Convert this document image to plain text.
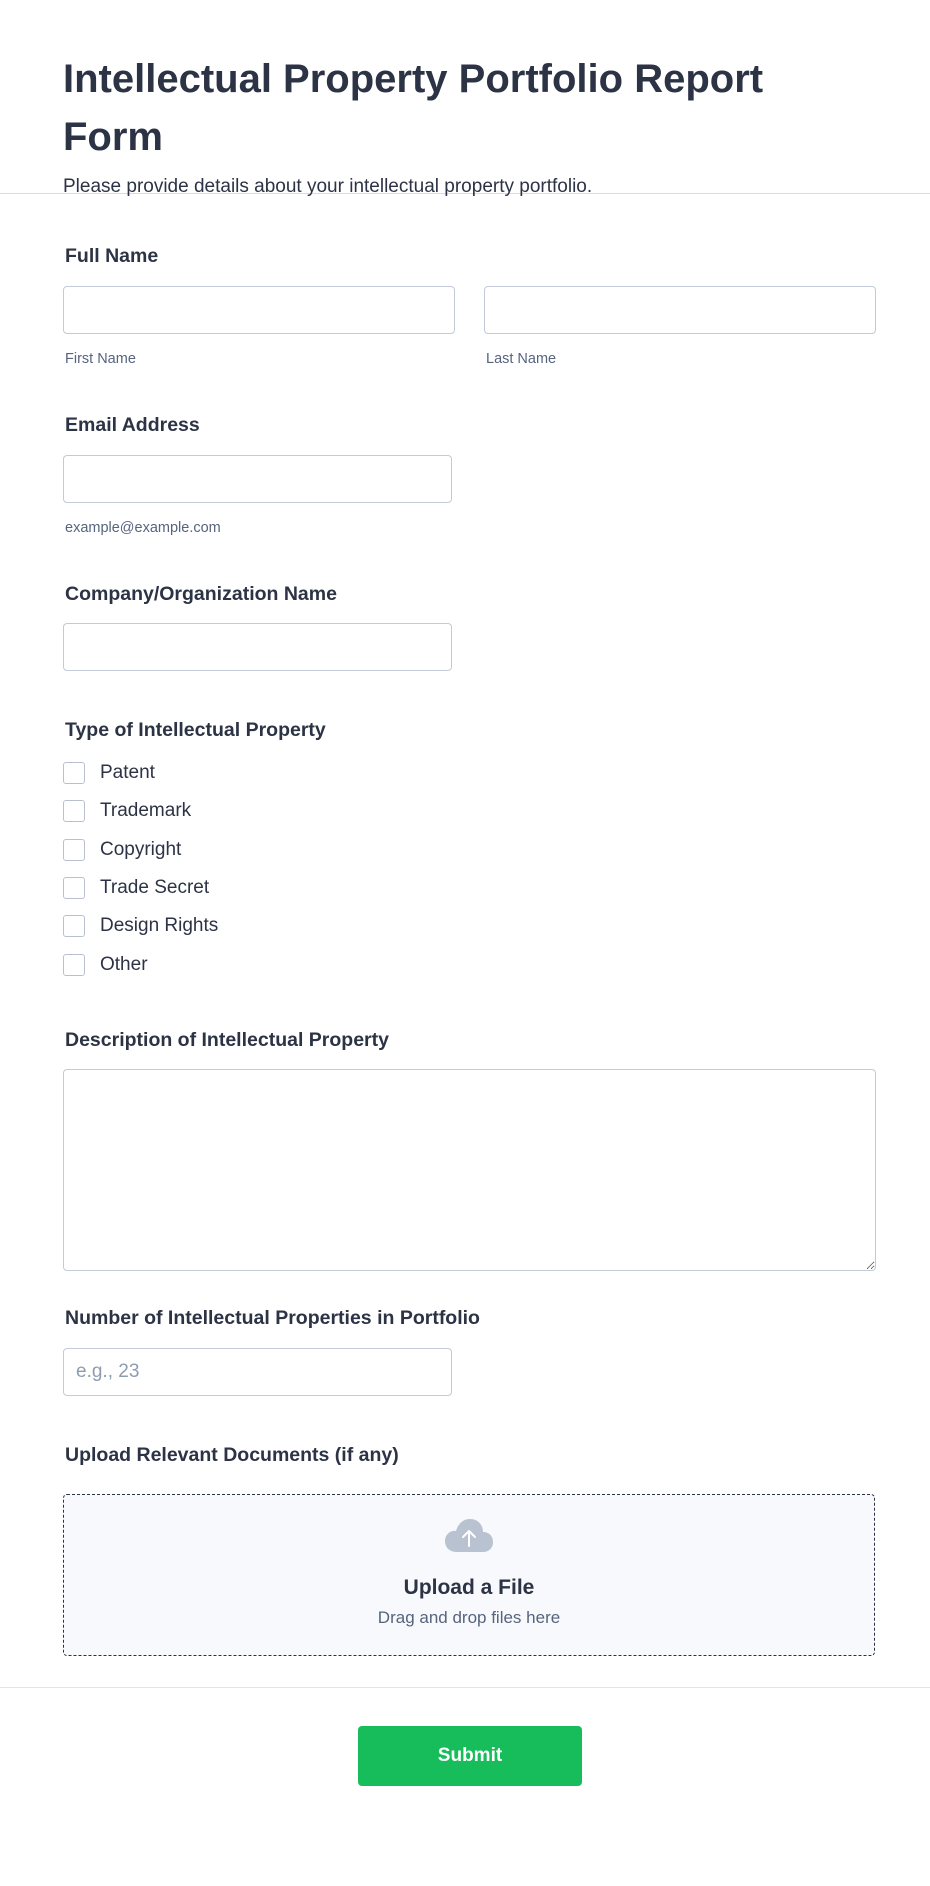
Intellectual Property Portfolio Report Form
Please provide details about your intellectual property portfolio.
Full Name
First Name	Last Name
Email Address
example@example.com
Company/Organization Name
Type of Intellectual Property
Patent
Trademark
Copyright
Trade Secret
Design Rights
Other
Description of Intellectual Property
Number of Intellectual Properties in Portfolio
e.g., 23
Upload Relevant Documents (if any)
Upload a File
Drag and drop files here
Submit
